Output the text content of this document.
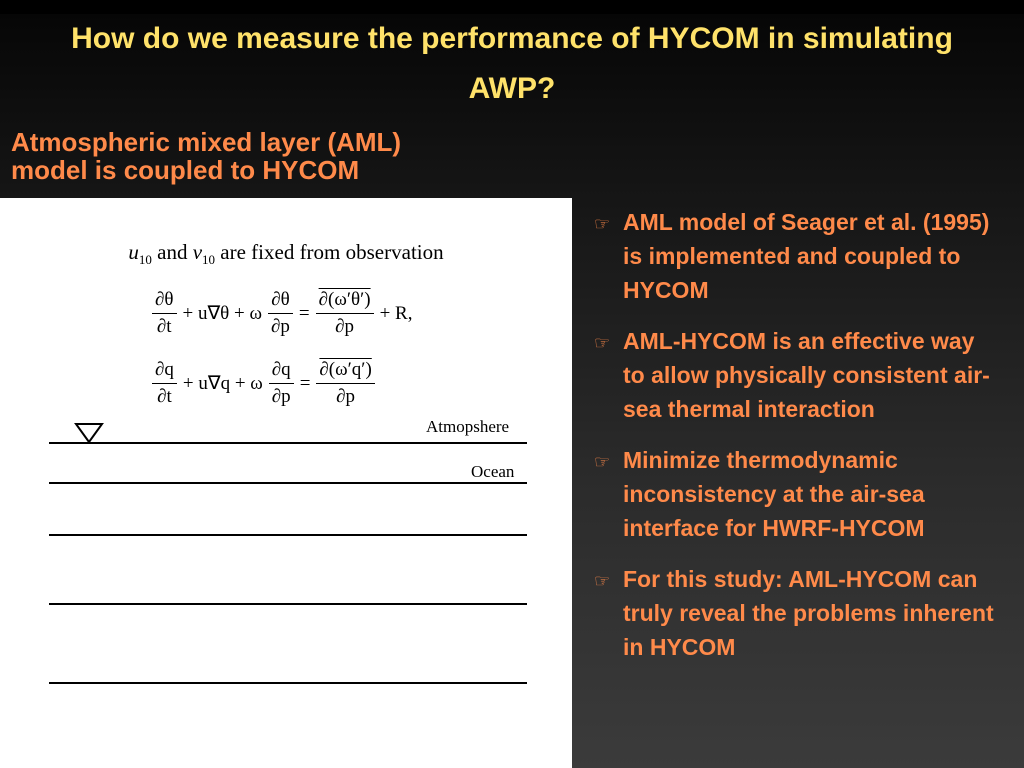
How do we measure the performance of HYCOM in simulating AWP?
Atmospheric mixed layer (AML)
model is coupled to HYCOM
$u_{10}$ and $v_{10}$ are fixed from observation
$\frac{\partial\theta}{\partial t} + u\nabla\theta + \omega \frac{\partial\theta}{\partial p} = \frac{\partial(\omega'\theta')}{\partial p} + R$,
$\frac{\partial q}{\partial t} + u\nabla q + \omega \frac{\partial q}{\partial p} = \frac{\partial(\omega'q')}{\partial p}$
Atmopshere
Ocean
☞ AML model of Seager et al. (1995) is implemented and coupled to HYCOM
☞ AML-HYCOM is an effective way to allow physically consistent air-sea thermal interaction
☞ Minimize thermodynamic inconsistency at the air-sea interface for HWRF-HYCOM
☞ For this study: AML-HYCOM can truly reveal the problems inherent in HYCOM
